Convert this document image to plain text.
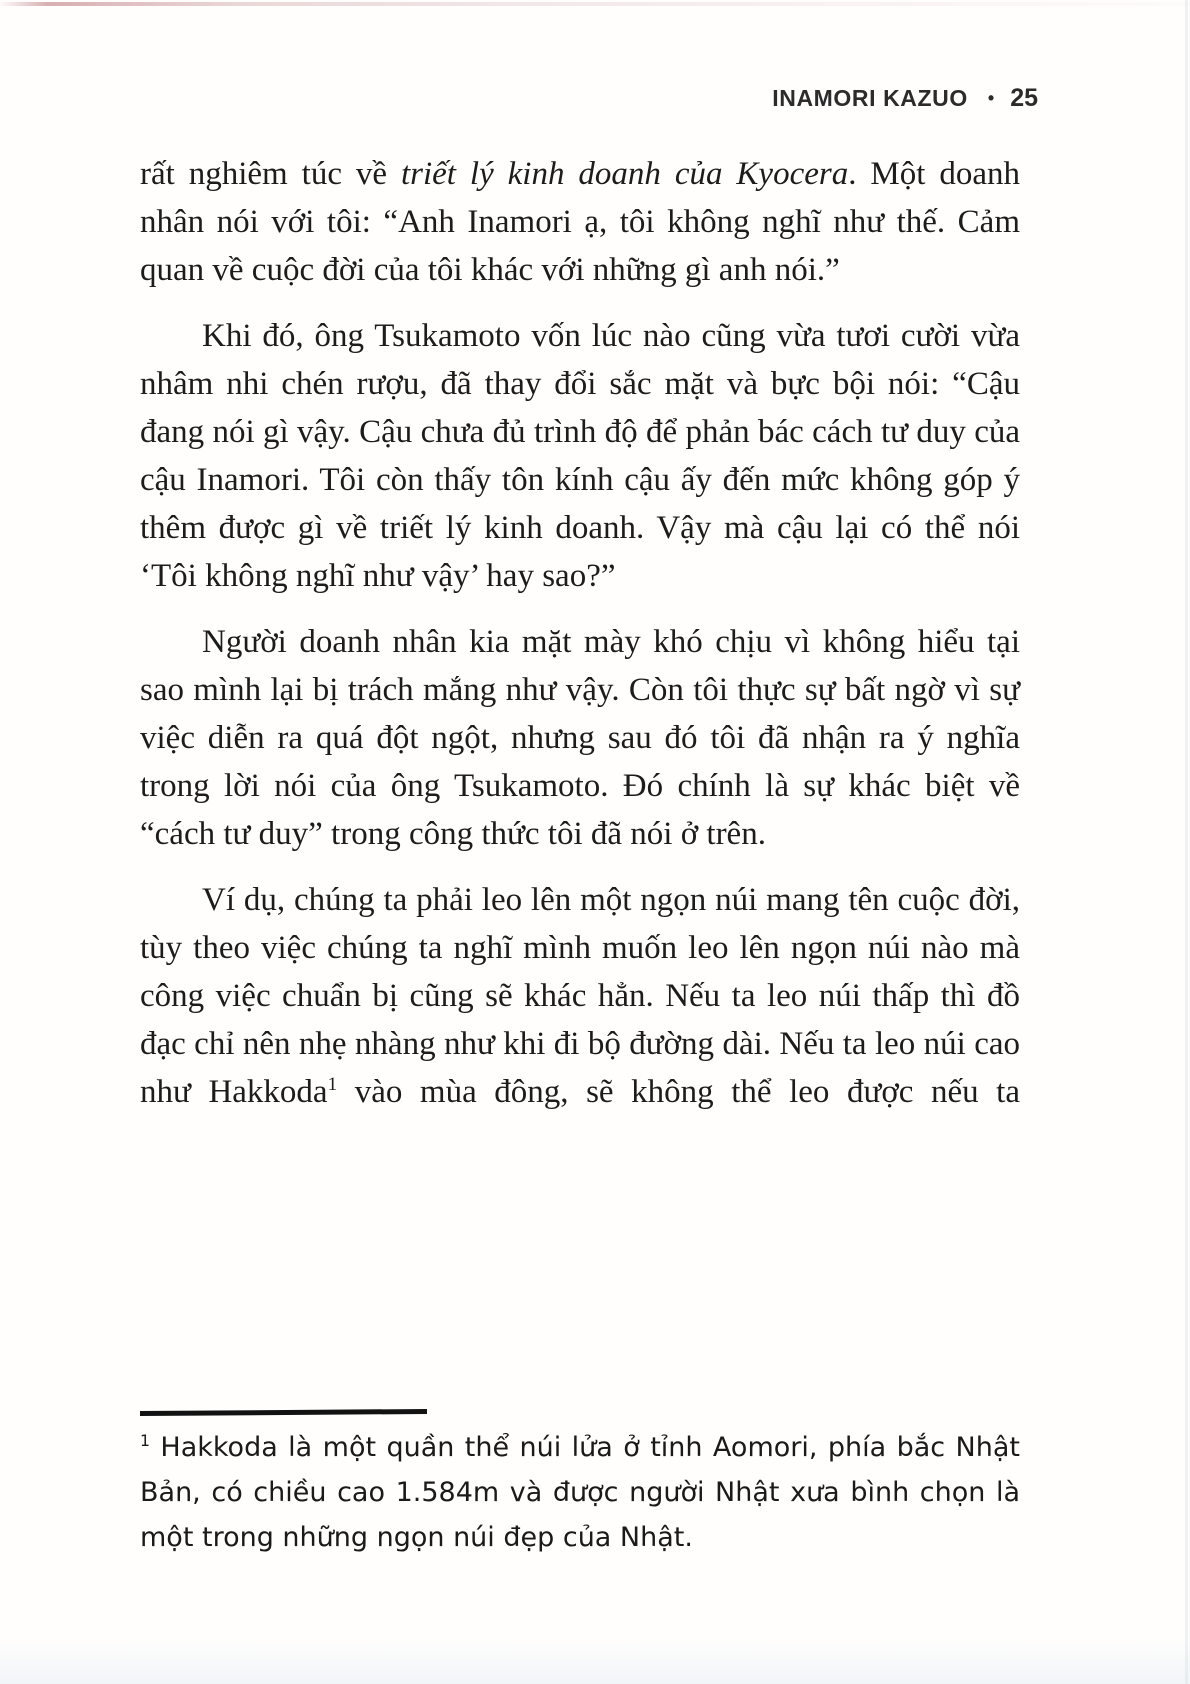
INAMORI KAZUO • 25

rất nghiêm túc về triết lý kinh doanh của Kyocera. Một doanh nhân nói với tôi: “Anh Inamori ạ, tôi không nghĩ như thế. Cảm quan về cuộc đời của tôi khác với những gì anh nói.”

Khi đó, ông Tsukamoto vốn lúc nào cũng vừa tươi cười vừa nhâm nhi chén rượu, đã thay đổi sắc mặt và bực bội nói: “Cậu đang nói gì vậy. Cậu chưa đủ trình độ để phản bác cách tư duy của cậu Inamori. Tôi còn thấy tôn kính cậu ấy đến mức không góp ý thêm được gì về triết lý kinh doanh. Vậy mà cậu lại có thể nói ‘Tôi không nghĩ như vậy’ hay sao?”

Người doanh nhân kia mặt mày khó chịu vì không hiểu tại sao mình lại bị trách mắng như vậy. Còn tôi thực sự bất ngờ vì sự việc diễn ra quá đột ngột, nhưng sau đó tôi đã nhận ra ý nghĩa trong lời nói của ông Tsukamoto. Đó chính là sự khác biệt về “cách tư duy” trong công thức tôi đã nói ở trên.

Ví dụ, chúng ta phải leo lên một ngọn núi mang tên cuộc đời, tùy theo việc chúng ta nghĩ mình muốn leo lên ngọn núi nào mà công việc chuẩn bị cũng sẽ khác hẳn. Nếu ta leo núi thấp thì đồ đạc chỉ nên nhẹ nhàng như khi đi bộ đường dài. Nếu ta leo núi cao như Hakkoda$^1$ vào mùa đông, sẽ không thể leo được nếu ta

$^1$ Hakkoda là một quần thể núi lửa ở tỉnh Aomori, phía bắc Nhật Bản, có chiều cao 1.584m và được người Nhật xưa bình chọn là một trong những ngọn núi đẹp của Nhật.
